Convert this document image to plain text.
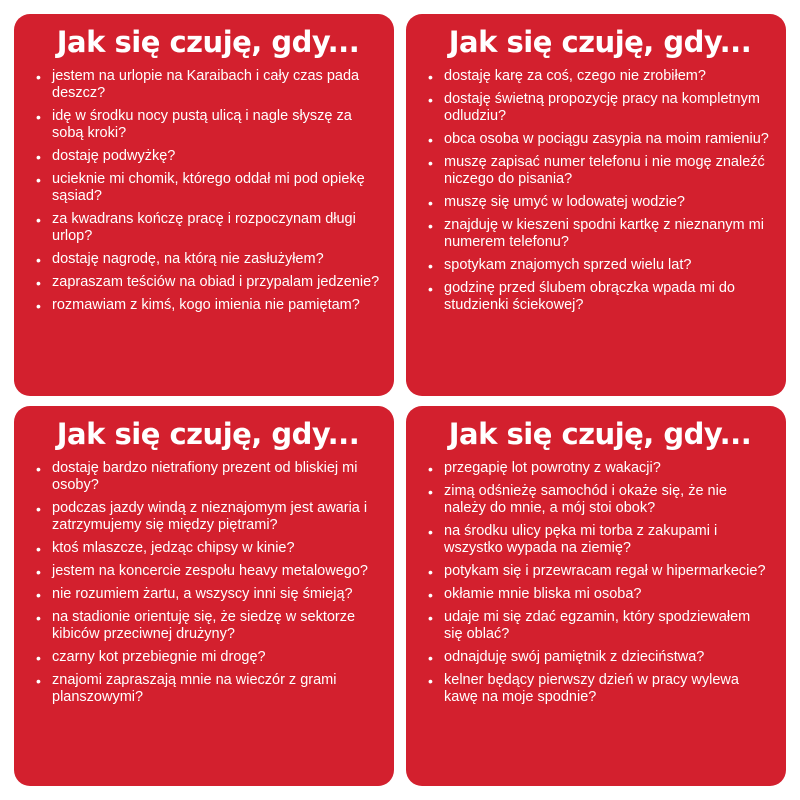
Jak się czuję, gdy...
• jestem na urlopie na Karaibach i cały czas pada deszcz?
• idę w środku nocy pustą ulicą i nagle słyszę za sobą kroki?
• dostaję podwyżkę?
• ucieknie mi chomik, którego oddał mi pod opiekę sąsiad?
• za kwadrans kończę pracę i rozpoczynam długi urlop?
• dostaję nagrodę, na którą nie zasłużyłem?
• zapraszam teściów na obiad i przypalam jedzenie?
• rozmawiam z kimś, kogo imienia nie pamiętam?
Jak się czuję, gdy...
• dostaję karę za coś, czego nie zrobiłem?
• dostaję świetną propozycję pracy na kompletnym odludziu?
• obca osoba w pociągu zasypia na moim ramieniu?
• muszę zapisać numer telefonu i nie mogę znaleźć niczego do pisania?
• muszę się umyć w lodowatej wodzie?
• znajduję w kieszeni spodni kartkę z nieznanym mi numerem telefonu?
• spotykam znajomych sprzed wielu lat?
• godzinę przed ślubem obrączka wpada mi do studzienki ściekowej?
Jak się czuję, gdy...
• dostaję bardzo nietrafiony prezent od bliskiej mi osoby?
• podczas jazdy windą z nieznajomym jest awaria i zatrzymujemy się między piętrami?
• ktoś mlaszcze, jedząc chipsy w kinie?
• jestem na koncercie zespołu heavy metalowego?
• nie rozumiem żartu, a wszyscy inni się śmieją?
• na stadionie orientuję się, że siedzę w sektorze kibiców przeciwnej drużyny?
• czarny kot przebiegnie mi drogę?
• znajomi zapraszają mnie na wieczór z grami planszowymi?
Jak się czuję, gdy...
• przegapię lot powrotny z wakacji?
• zimą odśnieżę samochód i okaże się, że nie należy do mnie, a mój stoi obok?
• na środku ulicy pęka mi torba z zakupami i wszystko wypada na ziemię?
• potykam się i przewracam regał w hipermarkecie?
• okłamie mnie bliska mi osoba?
• udaje mi się zdać egzamin, który spodziewałem się oblać?
• odnajduję swój pamiętnik z dzieciństwa?
• kelner będący pierwszy dzień w pracy wylewa kawę na moje spodnie?
